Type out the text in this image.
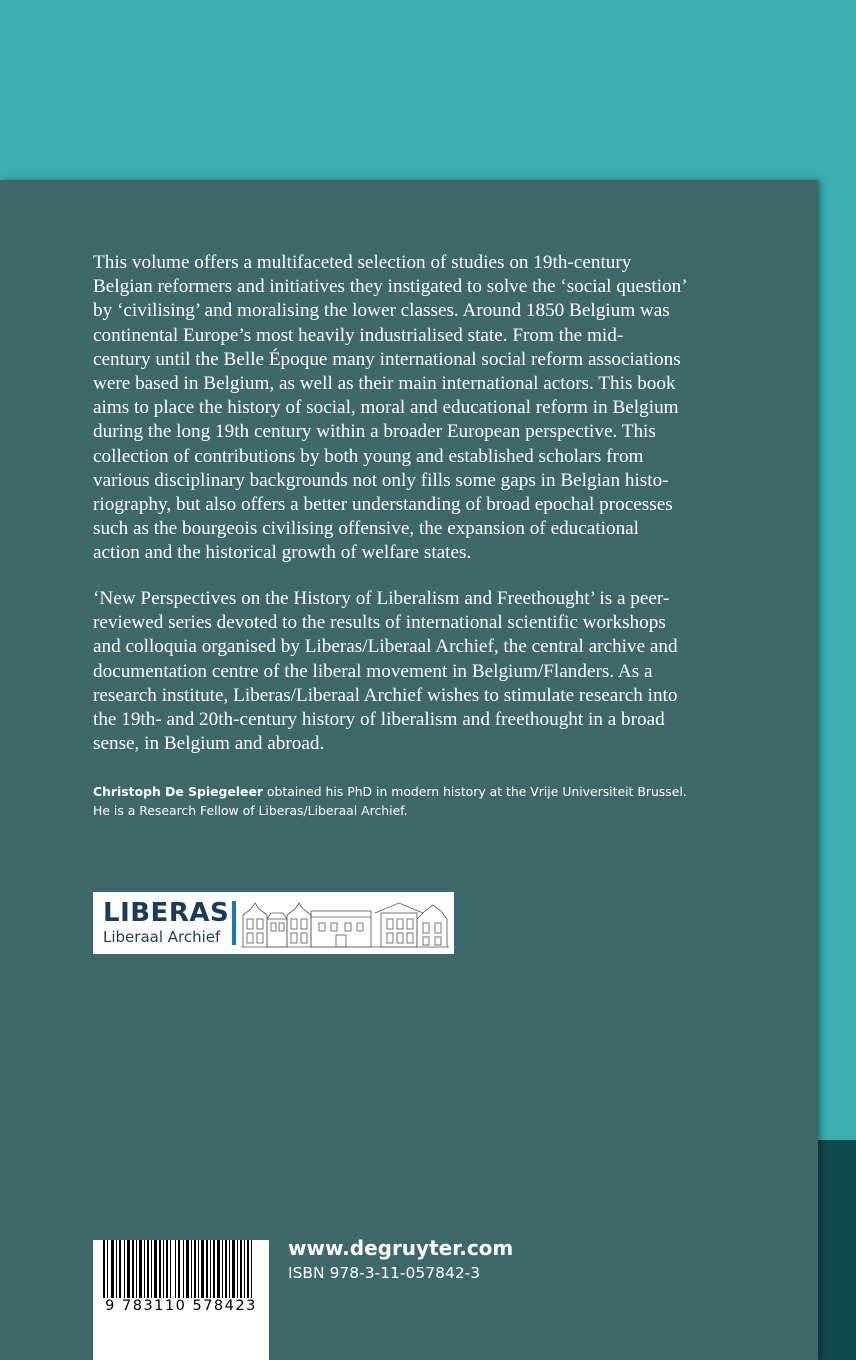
This volume offers a multifaceted selection of studies on 19th-century
Belgian reformers and initiatives they instigated to solve the ‘social question’
by ‘civilising’ and moralising the lower classes. Around 1850 Belgium was
continental Europe’s most heavily industrialised state. From the mid-
century until the Belle Époque many international social reform associations
were based in Belgium, as well as their main international actors. This book
aims to place the history of social, moral and educational reform in Belgium
during the long 19th century within a broader European perspective. This
collection of contributions by both young and established scholars from
various disciplinary backgrounds not only fills some gaps in Belgian histo-
riography, but also offers a better understanding of broad epochal processes
such as the bourgeois civilising offensive, the expansion of educational
action and the historical growth of welfare states.

‘New Perspectives on the History of Liberalism and Freethought’ is a peer-
reviewed series devoted to the results of international scientific workshops
and colloquia organised by Liberas/Liberaal Archief, the central archive and
documentation centre of the liberal movement in Belgium/Flanders. As a
research institute, Liberas/Liberaal Archief wishes to stimulate research into
the 19th- and 20th-century history of liberalism and freethought in a broad
sense, in Belgium and abroad.

Christoph De Spiegeleer obtained his PhD in modern history at the Vrije Universiteit Brussel.
He is a Research Fellow of Liberas/Liberaal Archief.

LIBERAS

Liberaal Archief

9 783110 578423

www.degruyter.com

ISBN 978-3-11-057842-3
